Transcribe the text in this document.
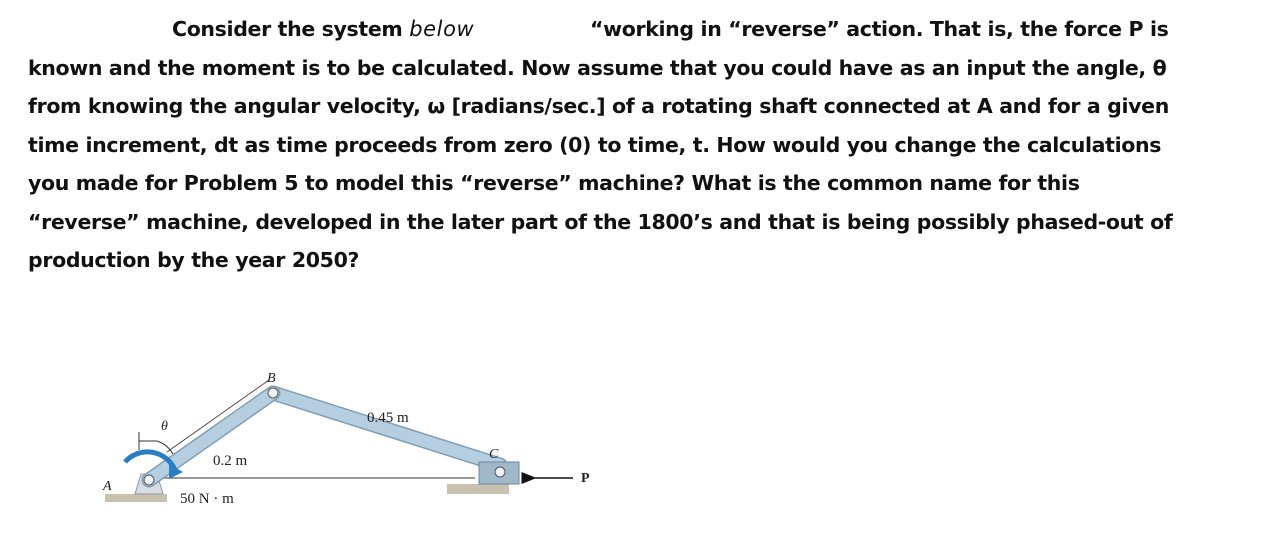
Consider the system below	“working in “reverse” action. That is, the force P is
known and the moment is to be calculated. Now assume that you could have as an input the angle, θ
from knowing the angular velocity, ω [radians/sec.] of a rotating shaft connected at A and for a given
time increment, dt as time proceeds from zero (0) to time, t. How would you change the calculations
you made for Problem 5 to model this “reverse” machine? What is the common name for this
“reverse” machine, developed in the later part of the 1800’s and that is being possibly phased-out of
production by the year 2050?
A
B
C
P
θ
0.2 m
0.45 m
50 N · m
